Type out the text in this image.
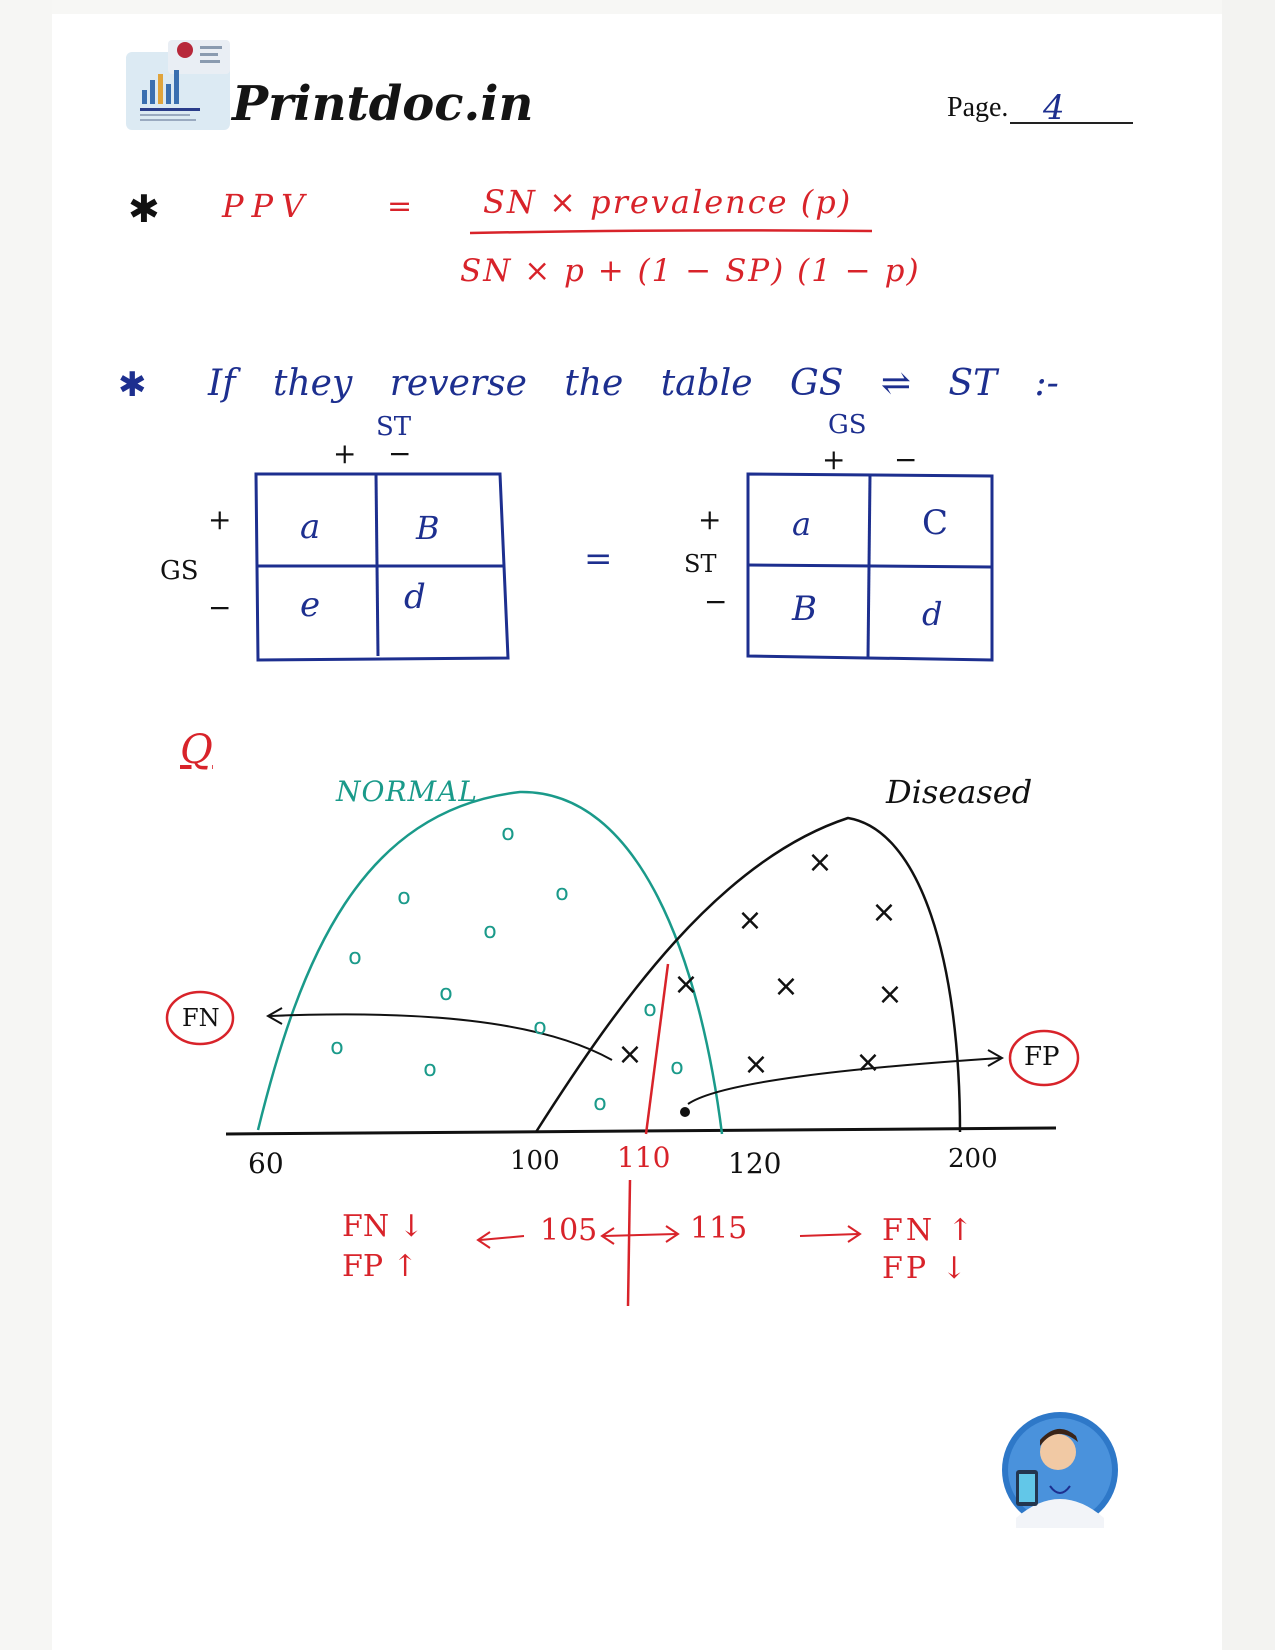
Printdoc.in	Page. 4
✱ PPV = SN × prevalence (p)
SN × p + (1 − SP) (1 − p)
✱ If they reverse the table GS ⇌ ST :-
ST
+ −
GS
+
−
a	B
e d
=
GS
+ −
ST
+
−
a	C
B	d
Q
NORMAL	Diseased
o
o	o
o
o
o
o
o
o
o	o
o
×
×	×
× ×	×
×	×	×
FN
FP
60	100 110 120	200
FN ↓
FP ↑
105	115	FN ↑
FP ↓
